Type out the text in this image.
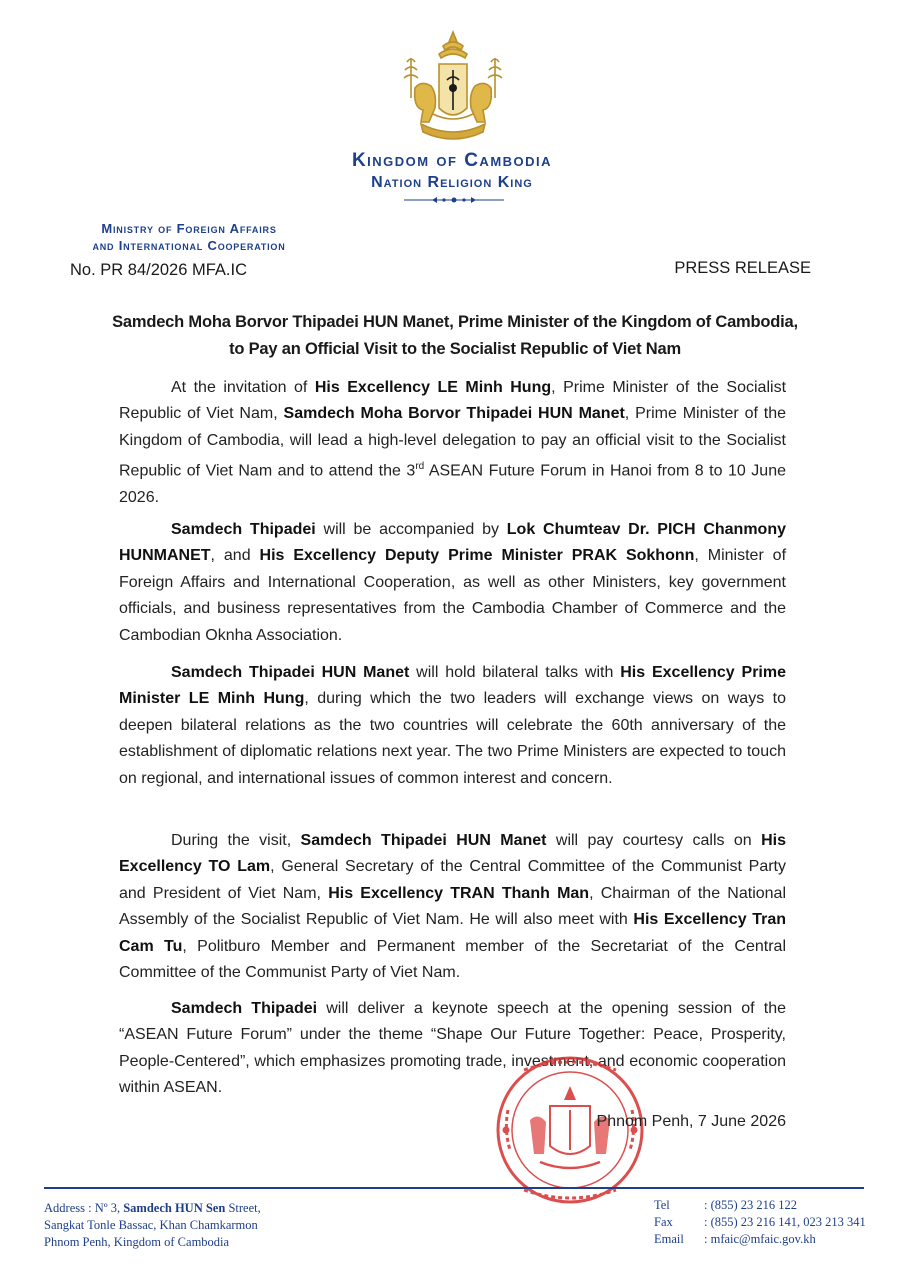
Kingdom of Cambodia
Nation Religion King
Ministry of Foreign Affairs
and International Cooperation
No. PR 84/2026 MFA.IC	PRESS RELEASE
Samdech Moha Borvor Thipadei HUN Manet, Prime Minister of the Kingdom of Cambodia,
to Pay an Official Visit to the Socialist Republic of Viet Nam
At the invitation of His Excellency LE Minh Hung, Prime Minister of the Socialist Republic of Viet Nam, Samdech Moha Borvor Thipadei HUN Manet, Prime Minister of the Kingdom of Cambodia, will lead a high-level delegation to pay an official visit to the Socialist Republic of Viet Nam and to attend the 3rd ASEAN Future Forum in Hanoi from 8 to 10 June 2026.
Samdech Thipadei will be accompanied by Lok Chumteav Dr. PICH Chanmony HUNMANET, and His Excellency Deputy Prime Minister PRAK Sokhonn, Minister of Foreign Affairs and International Cooperation, as well as other Ministers, key government officials, and business representatives from the Cambodia Chamber of Commerce and the Cambodian Oknha Association.
Samdech Thipadei HUN Manet will hold bilateral talks with His Excellency Prime Minister LE Minh Hung, during which the two leaders will exchange views on ways to deepen bilateral relations as the two countries will celebrate the 60th anniversary of the establishment of diplomatic relations next year. The two Prime Ministers are expected to touch on regional, and international issues of common interest and concern.
During the visit, Samdech Thipadei HUN Manet will pay courtesy calls on His Excellency TO Lam, General Secretary of the Central Committee of the Communist Party and President of Viet Nam, His Excellency TRAN Thanh Man, Chairman of the National Assembly of the Socialist Republic of Viet Nam. He will also meet with His Excellency Tran Cam Tu, Politburo Member and Permanent member of the Secretariat of the Central Committee of the Communist Party of Viet Nam.
Samdech Thipadei will deliver a keynote speech at the opening session of the “ASEAN Future Forum” under the theme “Shape Our Future Together: Peace, Prosperity, People-Centered”, which emphasizes promoting trade, investment, and economic cooperation within ASEAN.
Phnom Penh, 7 June 2026
Address : Nº 3, Samdech HUN Sen Street,
Sangkat Tonle Bassac, Khan Chamkarmon
Phnom Penh, Kingdom of Cambodia
Tel	: (855) 23 216 122
Fax	: (855) 23 216 141, 023 213 341
Email	: mfaic@mfaic.gov.kh
